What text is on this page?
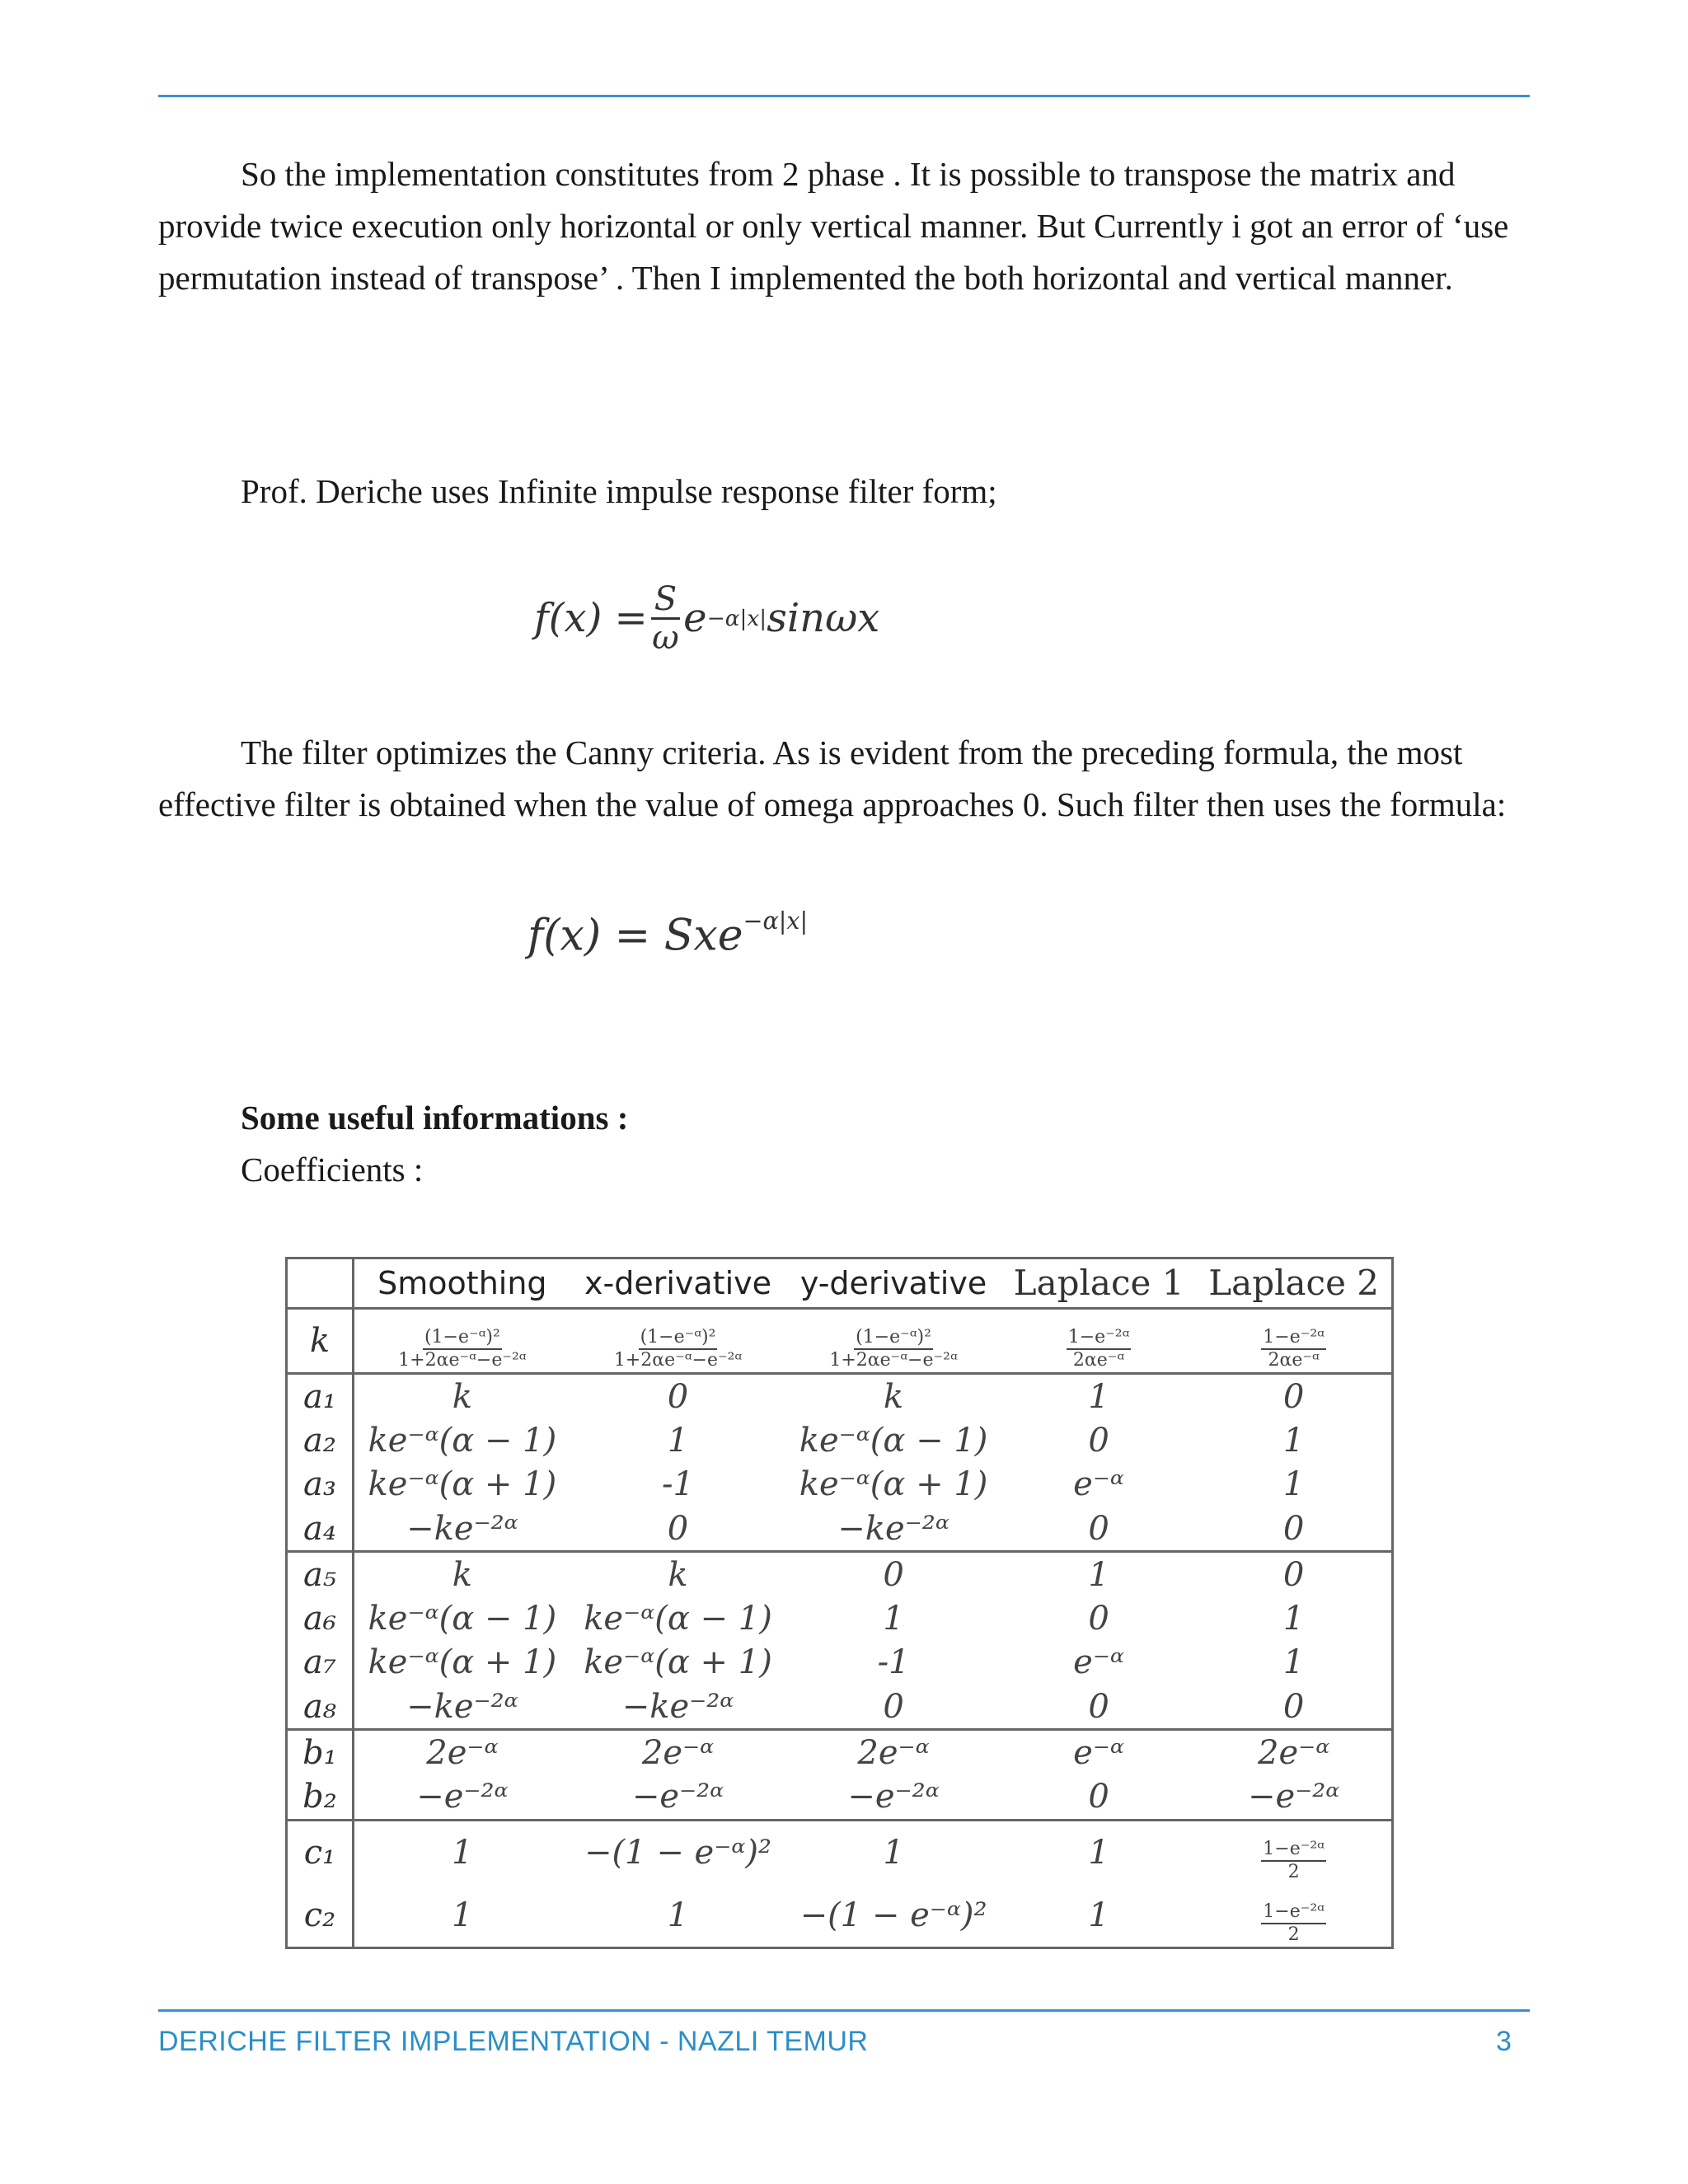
So the implementation constitutes from 2 phase . It is possible to transpose the matrix and provide twice execution only horizontal or only vertical manner. But Currently i got an error of ‘use permutation instead of transpose’ . Then I implemented the both horizontal and vertical manner.

Prof. Deriche uses Infinite impulse response filter form;

$f(x) = \frac{S}{\omega}$ e −α|x| sinωx

The filter optimizes the Canny criteria. As is evident from the preceding formula, the most effective filter is obtained when the value of omega approaches 0. Such filter then uses the formula:

f(x) = Sxe$^{-\alpha|x|}$
Some useful informations :
Coefficients :
	Smoothing	x-derivative	y-derivative	Laplace 1	Laplace 2
k	$\frac{\text{(1−e⁻ᵅ)²}}{\text{1+2αe⁻ᵅ−e⁻²ᵅ}}$	$\frac{\text{(1−e⁻ᵅ)²}}{\text{1+2αe⁻ᵅ−e⁻²ᵅ}}$	$\frac{\text{(1−e⁻ᵅ)²}}{\text{1+2αe⁻ᵅ−e⁻²ᵅ}}$	$\frac{\text{1−e⁻²ᵅ}}{\text{2αe⁻ᵅ}}$	$\frac{\text{1−e⁻²ᵅ}}{\text{2αe⁻ᵅ}}$

a₁	k	0	k	1	0
a₂	ke⁻ᵅ(α − 1)	1	ke⁻ᵅ(α − 1)	0	1
a₃	ke⁻ᵅ(α + 1)	-1	ke⁻ᵅ(α + 1)	e⁻ᵅ	1
a₄	−ke⁻²ᵅ	0	−ke⁻²ᵅ	0	0
a₅	k	k	0	1	0
a₆	ke⁻ᵅ(α − 1)	ke⁻ᵅ(α − 1)	1	0	1
a₇	ke⁻ᵅ(α + 1)	ke⁻ᵅ(α + 1)	-1	e⁻ᵅ	1
a₈	−ke⁻²ᵅ	−ke⁻²ᵅ	0	0	0
b₁	2e⁻ᵅ	2e⁻ᵅ	2e⁻ᵅ	e⁻ᵅ	2e⁻ᵅ
b₂	−e⁻²ᵅ	−e⁻²ᵅ	−e⁻²ᵅ	0	−e⁻²ᵅ
c₁	1	−(1 − e⁻ᵅ)²	1	1	$\frac{\text{1−e⁻²ᵅ}}{2}$

c₂	1	1	−(1 − e⁻ᵅ)²	1	$\frac{\text{1−e⁻²ᵅ}}{2}$
DERICHE FILTER IMPLEMENTATION - NAZLI TEMUR	3
